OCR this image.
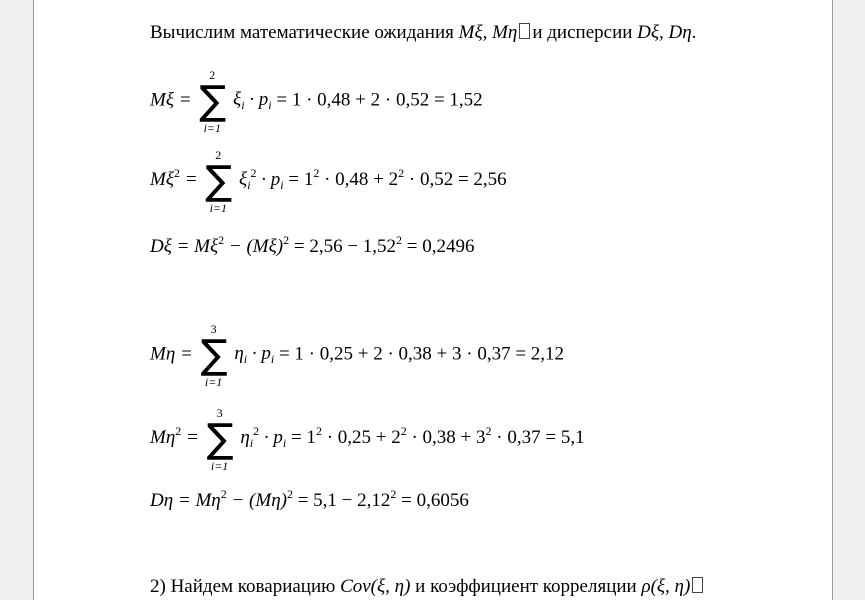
Вычислим математические ожидания Mξ, Mη и дисперсии Dξ, Dη.
Mξ =
2
∑
i=1
$\xi_i \cdot p_i = 1 \cdot 0,48 + 2 \cdot 0,52 = 1,52$
$M\xi^2$ =
2
∑
i=1
$\xi_i^2 \cdot p_i = 1^2 \cdot 0,48 + 2^2 \cdot 0,52 = 2,56$
$D\xi = M\xi^2 - (M\xi)^2 = 2,56 - 1,52^2 = 0,2496$
Mη =
3
∑
i=1
$\eta_i \cdot p_i = 1 \cdot 0,25 + 2 \cdot 0,38 + 3 \cdot 0,37 = 2,12$
$M\eta^2$ =
3
∑
i=1
$\eta_i^2 \cdot p_i = 1^2 \cdot 0,25 + 2^2 \cdot 0,38 + 3^2 \cdot 0,37 = 5,1$
$D\eta = M\eta^2 - (M\eta)^2 = 5,1 - 2,12^2 = 0,6056$
2) Найдем ковариацию Cov(ξ, η) и коэффициент корреляции ρ(ξ, η)
